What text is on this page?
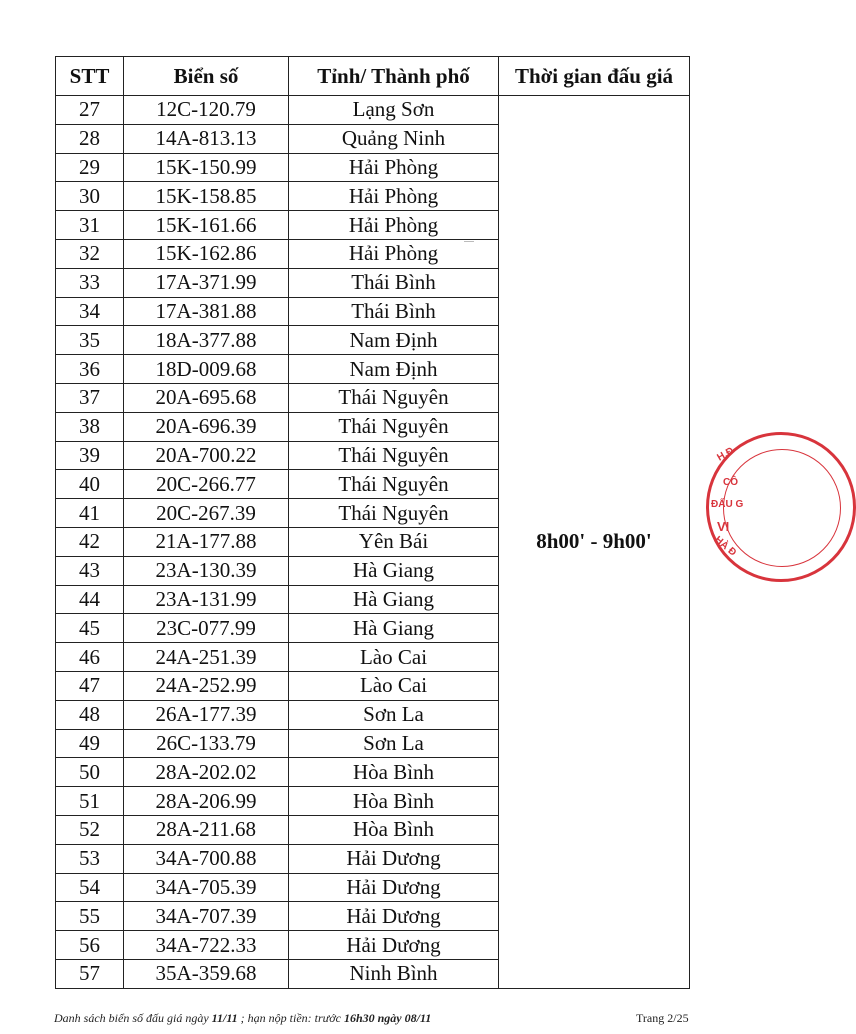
STT	Biển số	Tỉnh/ Thành phố	Thời gian đấu giá
27	12C-120.79	Lạng Sơn	8h00' - 9h00'
28	14A-813.13	Quảng Ninh	
29	15K-150.99	Hải Phòng	
30	15K-158.85	Hải Phòng	
31	15K-161.66	Hải Phòng	
32	15K-162.86	Hải Phòng	
33	17A-371.99	Thái Bình	
34	17A-381.88	Thái Bình	
35	18A-377.88	Nam Định	
36	18D-009.68	Nam Định	
37	20A-695.68	Thái Nguyên	
38	20A-696.39	Thái Nguyên	
39	20A-700.22	Thái Nguyên	
40	20C-266.77	Thái Nguyên	
41	20C-267.39	Thái Nguyên	
42	21A-177.88	Yên Bái	
43	23A-130.39	Hà Giang	
44	23A-131.99	Hà Giang	
45	23C-077.99	Hà Giang	
46	24A-251.39	Lào Cai	
47	24A-252.99	Lào Cai	
48	26A-177.39	Sơn La	
49	26C-133.79	Sơn La	
50	28A-202.02	Hòa Bình	
51	28A-206.99	Hòa Bình	
52	28A-211.68	Hòa Bình	
53	34A-700.88	Hải Dương	
54	34A-705.39	Hải Dương	
55	34A-707.39	Hải Dương	
56	34A-722.33	Hải Dương	
57	35A-359.68	Ninh Bình	
Danh sách biển số đấu giá ngày 11/11 ; hạn nộp tiền: trước 16h30 ngày 08/11	Trang 2/25
H.Đ
CÔ
ĐẤU G
VI
HÀ Đ
